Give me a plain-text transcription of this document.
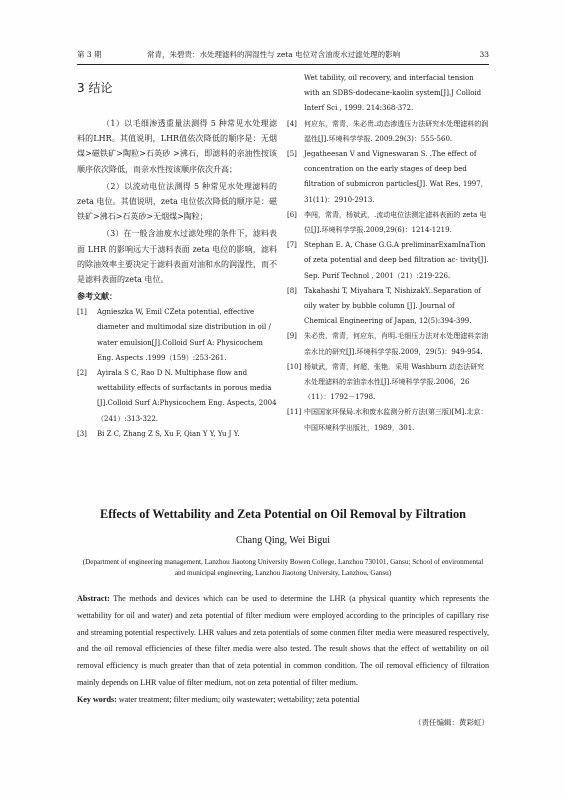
第 3 期	常青，朱碧贵：水处理滤料的润湿性与 zeta 电位对含油废水过滤处理的影响	33
3 结论

（1）以毛细渗透重量法测得 5 种常见水处理滤料的LHR。其值说明，LHR值依次降低的顺序是：无烟煤>磁铁矿>陶粒>石英砂 >沸石，即滤料的亲油性按该顺序依次降低，而亲水性按该顺序依次升高；

（2）以流动电位法测得 5 种常见水处理滤料的 zeta 电位。其值说明，zeta 电位依次降低的顺序是：磁铁矿>沸石>石英砂>无烟煤>陶粒；

（3）在一般含油废水过滤处理的条件下，滤料表面 LHR 的影响远大于滤料表面 zeta 电位的影响，滤料的除油效率主要决定于滤料表面对油和水的润湿性，而不是滤料表面的zeta 电位。

参考文献：

[1] Agnieszka W, Emil CZeta potential, effective diameter and multimodal size distribution in oil / water emulsion[J].Colloid Surf A: Physicochem Eng. Aspects .1999（159）:253-261.

[2] Ayirala S C, Rao D N. Multiphase flow and wettability effects of surfactants in porous media [J].Colloid Surf A:Physicochem Eng. Aspects, 2004（241）:313-322.

[3] Bi Z C, Zhang Z S, Xu F, Qian Y Y, Yu J Y.

Wet tability, oil recovery, and interfacial tension with an SDBS-dodecane-kaolin system[J].J Colloid Interf Sci , 1999. 214:368-372.

[4] 何应东，常青，朱必贵.动态渗透压力法研究水处理滤料的润湿性[J].环境科学学报. 2009.29(3)：555-560.

[5] Jegatheesan V and Vigneswaran S. .The effect of concentration on the early stages of deep bed filtration of submicron particles[J]. Wat Res, 1997，31(11)：2910-2913.

[6] 李闯，常青，杨斌武，.流动电位法测定滤料表面的 zeta 电位[J].环境科学学报.2009,29(6)：1214-1219.

[7] Stephan E. A, Chase G.G.A preliminarExamInaTion of zeta potential and deep bed filtration ac- tivity[J]. Sep. Purif Technol , 2001（21）:219-226.

[8] Takahashi T, Miyahara T, NishizakY..Separation of oily water by bubble column [J]. Journal of Chemical Engineering of Japan, 12(5):394-399.

[9] 朱必贵，常青，何应东，肖明.毛细压力法对水处理滤料亲油亲水比的研究[J].环境科学学报.2009，29(5)：949-954.

[10] 杨斌武，常青，何超，张艳．采用 Washburn 动态法研究水处理滤料的亲油亲水性[J].环境科学学报.2006，26（11）：1792－1798.

[11] 中国国家环保局.水和废水监测分析方法(第三版)[M].北京：中国环境科学出版社，1989，301.

Effects of Wettability and Zeta Potential on Oil Removal by Filtration

Chang Qing, Wei Bigui

(Department of engineering management, Lanzhou Jiaotong University Bowen College, Lanzhou 730101, Gansu; School of environmental and municipal engineering, Lanzhou Jiaotong University, Lanzhou, Gansu)

Abstract: The methods and devices which can be used to determine the LHR (a physical quantity which represents the wettability for oil and water) and zeta potential of filter medium were employed according to the principles of capillary rise and streaming potential respectively. LHR values and zeta potentials of some conmen filter media were measured respectively, and the oil removal efficiencies of these filter media were also tested. The result shows that the effect of wettability on oil removal efficiency is much greater than that of zeta potential in common condition. The oil removal efficiency of filtration mainly depends on LHR value of filter medium, not on zeta potential of filter medium.

Key words: water treatment; filter medium; oily wastewater; wettability; zeta potential

（责任编辑：黄彩虹）
